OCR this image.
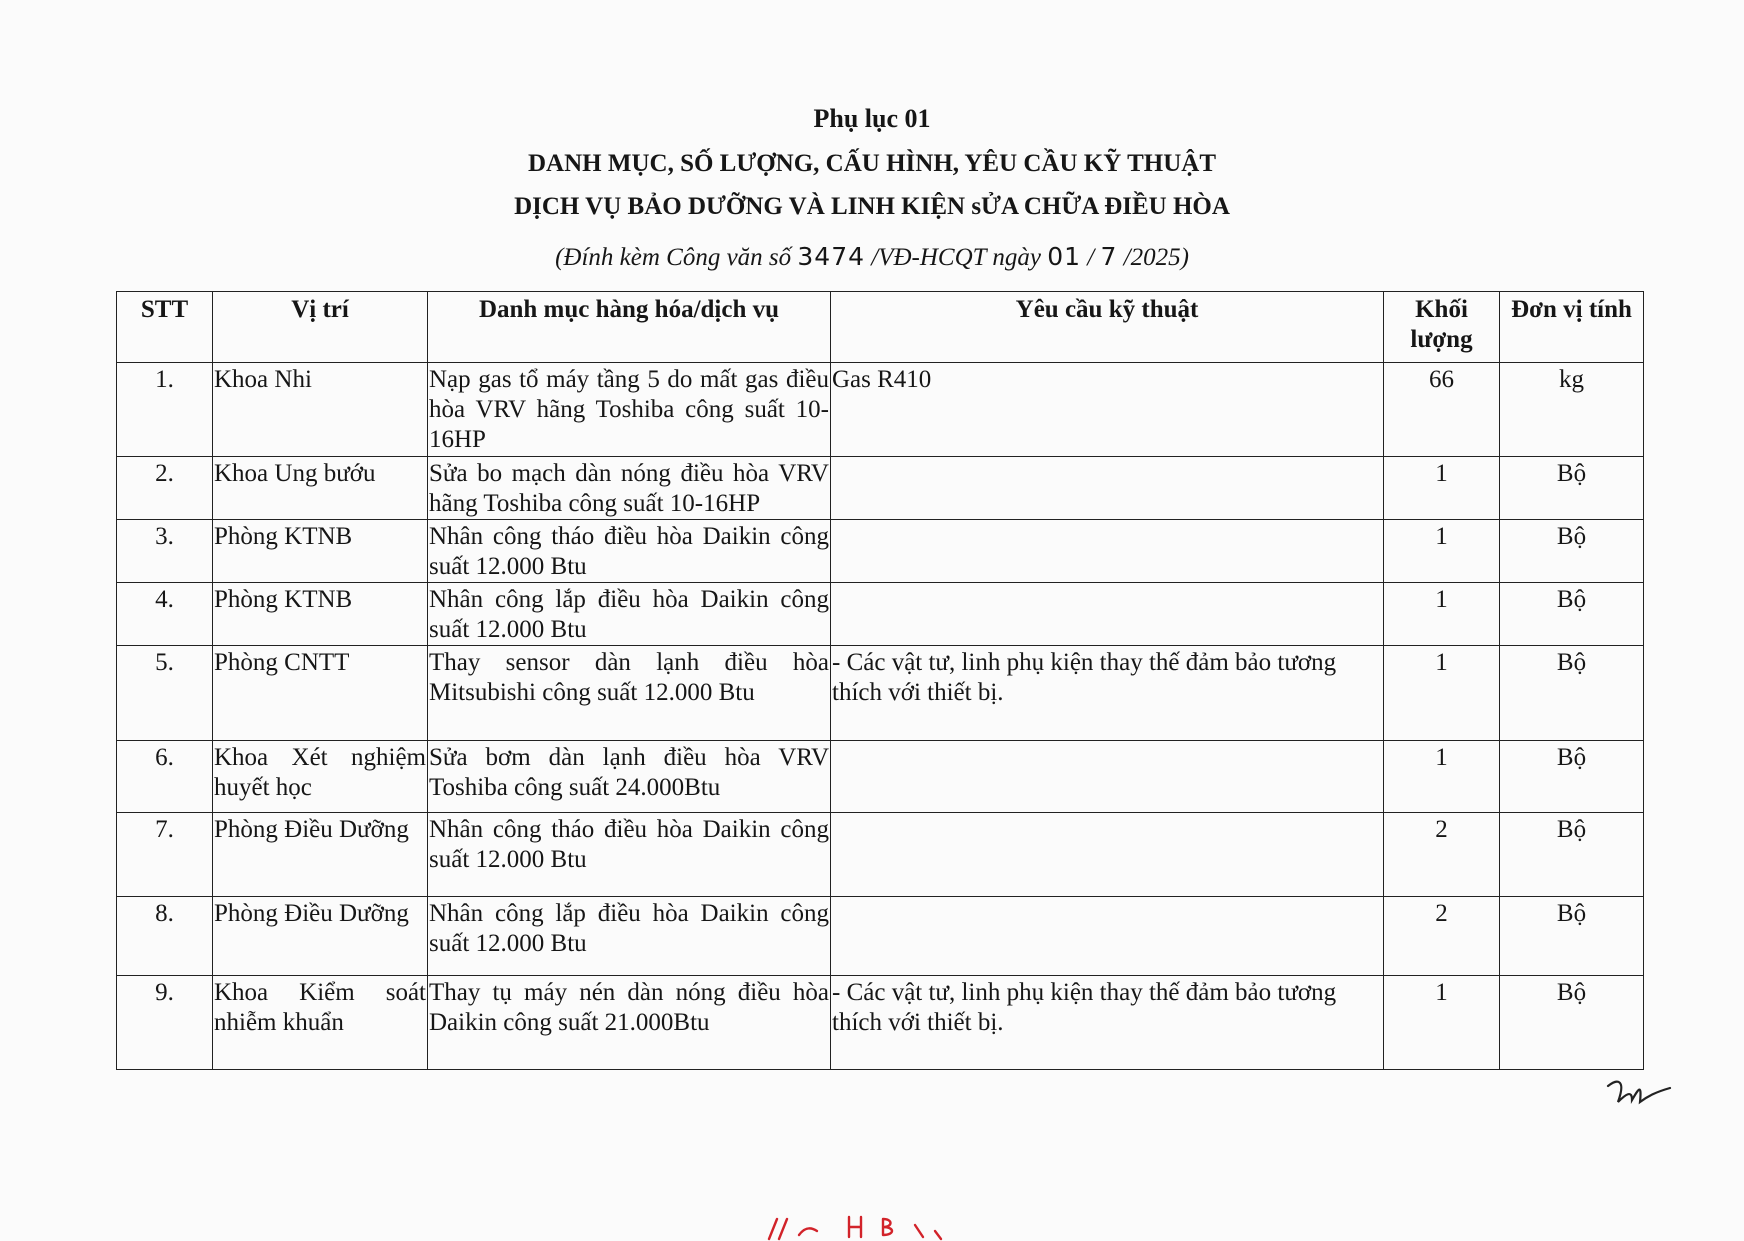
Phụ lục 01
DANH MỤC, SỐ LƯỢNG, CẤU HÌNH, YÊU CẦU KỸ THUẬT
DỊCH VỤ BẢO DƯỠNG VÀ LINH KIỆN sỬA CHỮA ĐIỀU HÒA
(Đính kèm Công văn số 3474 /VĐ-HCQT ngày 01 / 7 /2025)
STT	Vị trí	Danh mục hàng hóa/dịch vụ	Yêu cầu kỹ thuật	Khối lượng	Đơn vị tính
1.	Khoa Nhi	Nạp gas tổ máy tầng 5 do mất gas điều hòa VRV hãng Toshiba công suất 10-16HP	Gas R410	66	kg
2.	Khoa Ung bướu	Sửa bo mạch dàn nóng điều hòa VRV hãng Toshiba công suất 10-16HP		1	Bộ
3.	Phòng KTNB	Nhân công tháo điều hòa Daikin công suất 12.000 Btu		1	Bộ
4.	Phòng KTNB	Nhân công lắp điều hòa Daikin công suất 12.000 Btu		1	Bộ
5.	Phòng CNTT	Thay sensor dàn lạnh điều hòa Mitsubishi công suất 12.000 Btu	- Các vật tư, linh phụ kiện thay thế đảm bảo tương thích với thiết bị.	1	Bộ
6.	Khoa Xét nghiệm huyết học	Sửa bơm dàn lạnh điều hòa VRV Toshiba công suất 24.000Btu		1	Bộ
7.	Phòng Điều Dưỡng	Nhân công tháo điều hòa Daikin công suất 12.000 Btu		2	Bộ
8.	Phòng Điều Dưỡng	Nhân công lắp điều hòa Daikin công suất 12.000 Btu		2	Bộ
9.	Khoa Kiểm soát nhiễm khuẩn	Thay tụ máy nén dàn nóng điều hòa Daikin công suất 21.000Btu	- Các vật tư, linh phụ kiện thay thế đảm bảo tương thích với thiết bị.	1	Bộ
